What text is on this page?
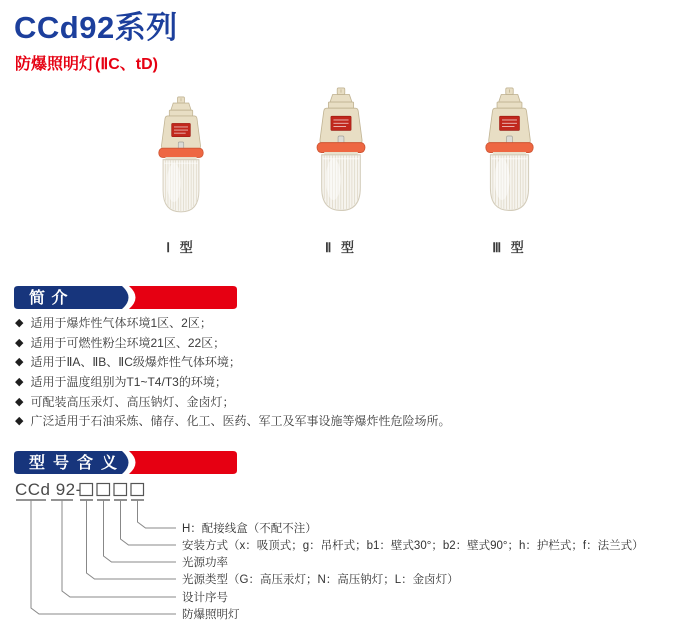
CCd92系列
防爆照明灯(ⅡC、tD)
Ⅰ 型	Ⅱ 型	Ⅲ 型
简 介
◆ 适用于爆炸性气体环境1区、2区；
◆ 适用于可燃性粉尘环境21区、22区；
◆ 适用于ⅡA、ⅡB、ⅡC级爆炸性气体环境；
◆ 适用于温度组别为T1~T4/T3的环境；
◆ 可配装高压汞灯、高压钠灯、金卤灯；
◆ 广泛适用于石油采炼、储存、化工、医药、军工及军事设施等爆炸性危险场所。
型号含义
CCd 92-
H：配接线盒（不配不注）
安装方式（x：吸顶式；g：吊杆式；b1：壁式30°；b2：壁式90°；h：护栏式；f：法兰式）
光源功率
光源类型（G：高压汞灯；N：高压钠灯；L：金卤灯）
设计序号
防爆照明灯
